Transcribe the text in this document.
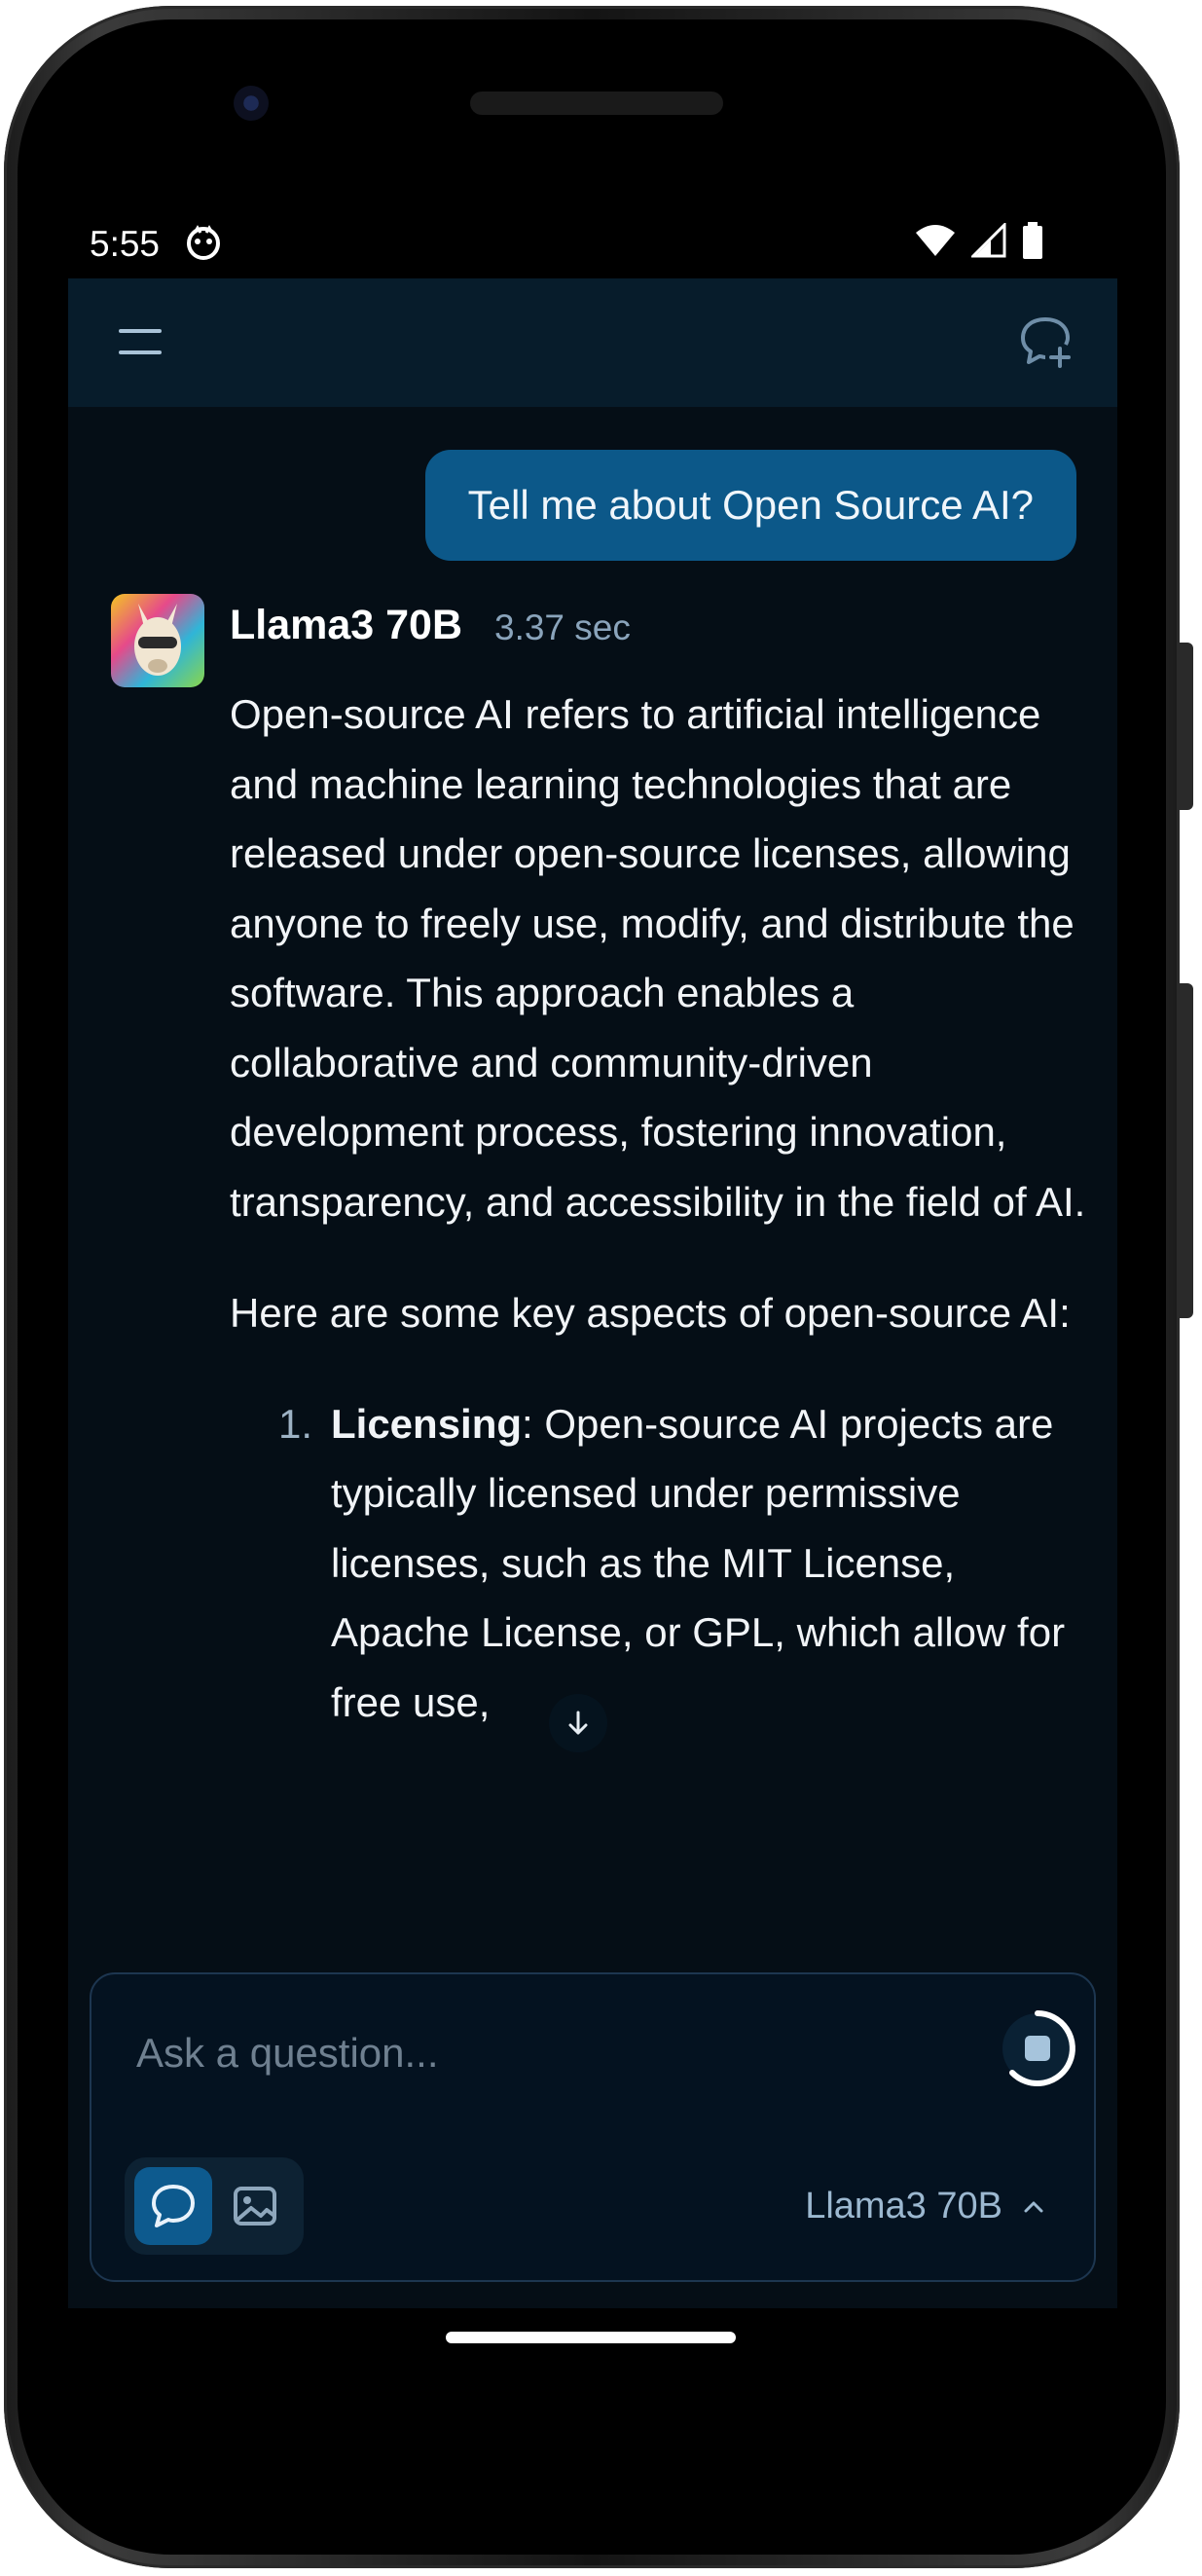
5:55
Tell me about Open Source AI?
Llama3 70B 3.37 sec

Open-source AI refers to artificial intelligence and machine learning technologies that are released under open-source licenses, allowing anyone to freely use, modify, and distribute the software. This approach enables a collaborative and community-driven development process, fostering innovation, transparency, and accessibility in the field of AI.

Here are some key aspects of open-source AI:

1. Licensing: Open-source AI projects are typically licensed under permissive licenses, such as the MIT License, Apache License, or GPL, which allow for free use,
Ask a question...
Llama3 70B
